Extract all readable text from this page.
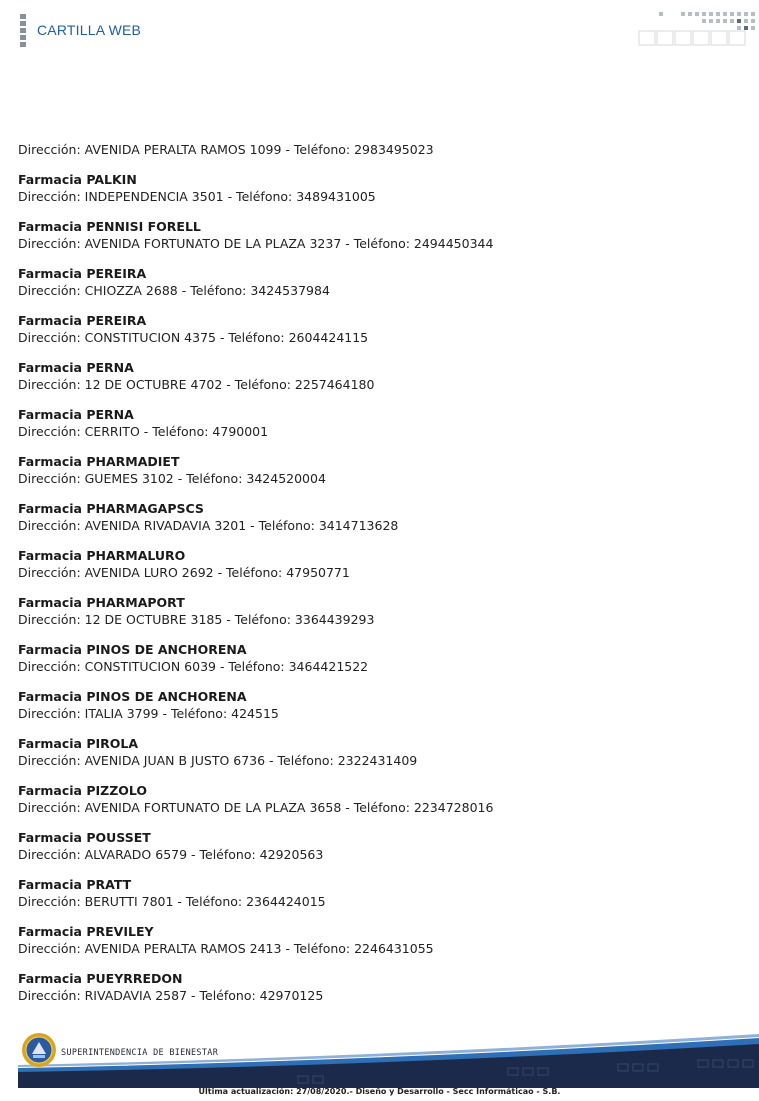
CARTILLA WEB
Dirección: AVENIDA PERALTA RAMOS 1099 - Teléfono: 2983495023
Farmacia PALKIN
Dirección: INDEPENDENCIA 3501 - Teléfono: 3489431005
Farmacia PENNISI FORELL
Dirección: AVENIDA FORTUNATO DE LA PLAZA 3237 - Teléfono: 2494450344
Farmacia PEREIRA
Dirección: CHIOZZA 2688 - Teléfono: 3424537984
Farmacia PEREIRA
Dirección: CONSTITUCION 4375 - Teléfono: 2604424115
Farmacia PERNA
Dirección: 12 DE OCTUBRE 4702 - Teléfono: 2257464180
Farmacia PERNA
Dirección: CERRITO - Teléfono: 4790001
Farmacia PHARMADIET
Dirección: GUEMES 3102 - Teléfono: 3424520004
Farmacia PHARMAGAPSCS
Dirección: AVENIDA RIVADAVIA 3201 - Teléfono: 3414713628
Farmacia PHARMALURO
Dirección: AVENIDA LURO 2692 - Teléfono: 47950771
Farmacia PHARMAPORT
Dirección: 12 DE OCTUBRE 3185 - Teléfono: 3364439293
Farmacia PINOS DE ANCHORENA
Dirección: CONSTITUCION 6039 - Teléfono: 3464421522
Farmacia PINOS DE ANCHORENA
Dirección: ITALIA 3799 - Teléfono: 424515
Farmacia PIROLA
Dirección: AVENIDA JUAN B JUSTO 6736 - Teléfono: 2322431409
Farmacia PIZZOLO
Dirección: AVENIDA FORTUNATO DE LA PLAZA 3658 - Teléfono: 2234728016
Farmacia POUSSET
Dirección: ALVARADO 6579 - Teléfono: 42920563
Farmacia PRATT
Dirección: BERUTTI 7801 - Teléfono: 2364424015
Farmacia PREVILEY
Dirección: AVENIDA PERALTA RAMOS 2413 - Teléfono: 2246431055
Farmacia PUEYRREDON
Dirección: RIVADAVIA 2587 - Teléfono: 42970125
SUPERINTENDENCIA DE BIENESTAR
Última actualización: 27/08/2020.- Diseño y Desarrollo - Secc Informáticao - S.B.
